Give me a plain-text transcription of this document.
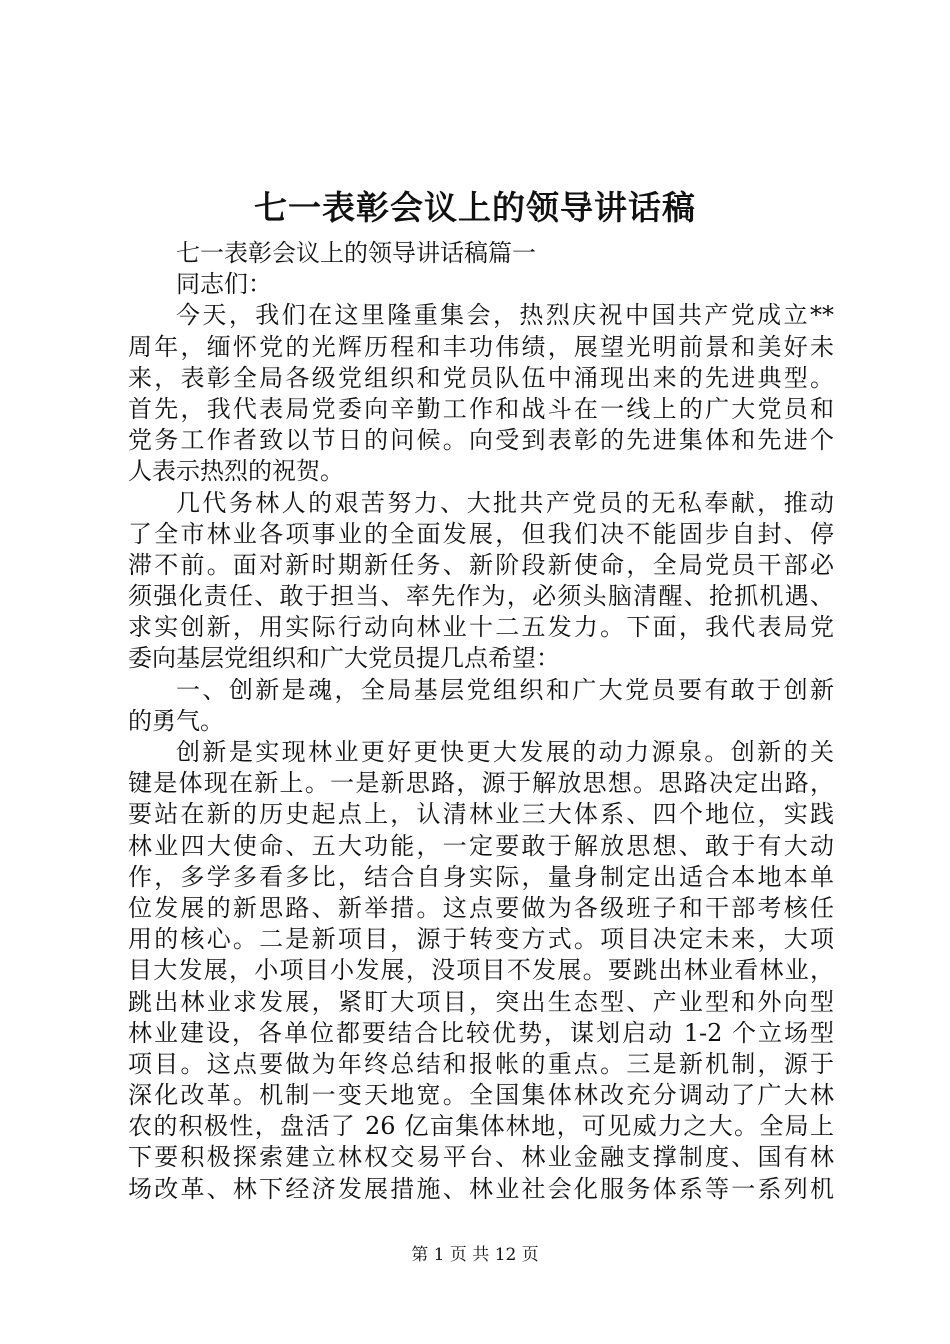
七一表彰会议上的领导讲话稿
七一表彰会议上的领导讲话稿篇一
同志们：
今天，我们在这里隆重集会，热烈庆祝中国共产党成立**
周年，缅怀党的光辉历程和丰功伟绩，展望光明前景和美好未
来，表彰全局各级党组织和党员队伍中涌现出来的先进典型。
首先，我代表局党委向辛勤工作和战斗在一线上的广大党员和
党务工作者致以节日的问候。向受到表彰的先进集体和先进个
人表示热烈的祝贺。
几代务林人的艰苦努力、大批共产党员的无私奉献，推动
了全市林业各项事业的全面发展，但我们决不能固步自封、停
滞不前。面对新时期新任务、新阶段新使命，全局党员干部必
须强化责任、敢于担当、率先作为，必须头脑清醒、抢抓机遇、
求实创新，用实际行动向林业十二五发力。下面，我代表局党
委向基层党组织和广大党员提几点希望：
一、创新是魂，全局基层党组织和广大党员要有敢于创新
的勇气。
创新是实现林业更好更快更大发展的动力源泉。创新的关
键是体现在新上。一是新思路，源于解放思想。思路决定出路，
要站在新的历史起点上，认清林业三大体系、四个地位，实践
林业四大使命、五大功能，一定要敢于解放思想、敢于有大动
作，多学多看多比，结合自身实际，量身制定出适合本地本单
位发展的新思路、新举措。这点要做为各级班子和干部考核任
用的核心。二是新项目，源于转变方式。项目决定未来，大项
目大发展，小项目小发展，没项目不发展。要跳出林业看林业，
跳出林业求发展，紧盯大项目，突出生态型、产业型和外向型
林业建设，各单位都要结合比较优势，谋划启动 1-2 个立场型
项目。这点要做为年终总结和报帐的重点。三是新机制，源于
深化改革。机制一变天地宽。全国集体林改充分调动了广大林
农的积极性，盘活了 26 亿亩集体林地，可见威力之大。全局上
下要积极探索建立林权交易平台、林业金融支撑制度、国有林
场改革、林下经济发展措施、林业社会化服务体系等一系列机
第 1 页 共 12 页
